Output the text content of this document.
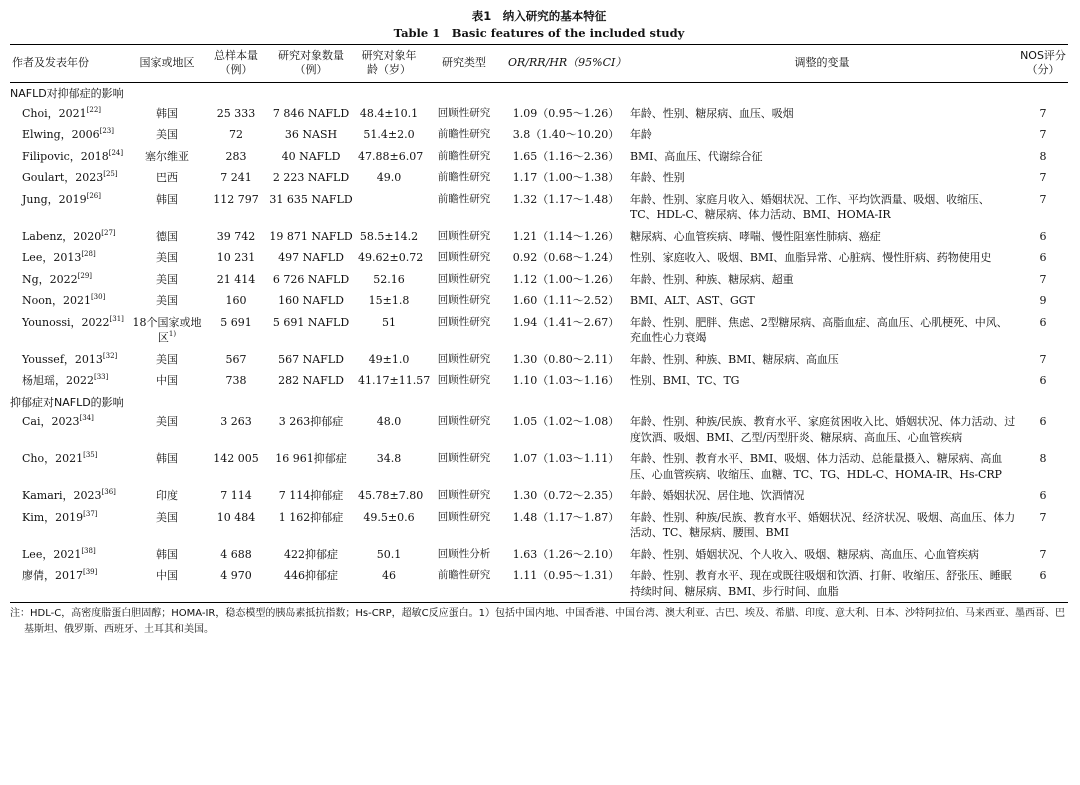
表1　纳入研究的基本特征
Table 1　Basic features of the included study
作者及发表年份	国家或地区	总样本量（例）	研究对象数量（例）	研究对象年龄（岁）	研究类型	OR/RR/HR（95%CI）	调整的变量	NOS评分（分）
NAFLD对抑郁症的影响								
Choi，2021[22]	韩国	25 333	7 846 NAFLD	48.4±10.1	回顾性研究	1.09（0.95～1.26）	年龄、性别、糖尿病、血压、吸烟	7
Elwing，2006[23]	美国	72	36 NASH	51.4±2.0	前瞻性研究	3.8（1.40～10.20）	年龄	7
Filipovic，2018[24]	塞尔维亚	283	40 NAFLD	47.88±6.07	前瞻性研究	1.65（1.16～2.36）	BMI、高血压、代谢综合征	8
Goulart，2023[25]	巴西	7 241	2 223 NAFLD	49.0	前瞻性研究	1.17（1.00～1.38）	年龄、性别	7
Jung，2019[26]	韩国	112 797	31 635 NAFLD		前瞻性研究	1.32（1.17～1.48）	年龄、性别、家庭月收入、婚姻状况、工作、平均饮酒量、吸烟、收缩压、TC、HDL-C、糖尿病、体力活动、BMI、HOMA-IR	7
Labenz，2020[27]	德国	39 742	19 871 NAFLD	58.5±14.2	回顾性研究	1.21（1.14～1.26）	糖尿病、心血管疾病、哮喘、慢性阻塞性肺病、癌症	6
Lee，2013[28]	美国	10 231	497 NAFLD	49.62±0.72	回顾性研究	0.92（0.68～1.24）	性别、家庭收入、吸烟、BMI、血脂异常、心脏病、慢性肝病、药物使用史	6
Ng，2022[29]	美国	21 414	6 726 NAFLD	52.16	回顾性研究	1.12（1.00～1.26）	年龄、性别、种族、糖尿病、超重	7
Noon，2021[30]	美国	160	160 NAFLD	15±1.8	回顾性研究	1.60（1.11～2.52）	BMI、ALT、AST、GGT	9
Younossi，2022[31]	18个国家或地区$^{1)}$	5 691	5 691 NAFLD	51	回顾性研究	1.94（1.41～2.67）	年龄、性别、肥胖、焦虑、2型糖尿病、高脂血症、高血压、心肌梗死、中风、充血性心力衰竭	6
Youssef，2013[32]	美国	567	567 NAFLD	49±1.0	回顾性研究	1.30（0.80～2.11）	年龄、性别、种族、BMI、糖尿病、高血压	7
杨旭瑶，2022[33]	中国	738	282 NAFLD	41.17±11.57	回顾性研究	1.10（1.03～1.16）	性别、BMI、TC、TG	6
抑郁症对NAFLD的影响								
Cai，2023[34]	美国	3 263	3 263抑郁症	48.0	回顾性研究	1.05（1.02～1.08）	年龄、性别、种族/民族、教育水平、家庭贫困收入比、婚姻状况、体力活动、过度饮酒、吸烟、BMI、乙型/丙型肝炎、糖尿病、高血压、心血管疾病	6
Cho，2021[35]	韩国	142 005	16 961抑郁症	34.8	回顾性研究	1.07（1.03～1.11）	年龄、性别、教育水平、BMI、吸烟、体力活动、总能量摄入、糖尿病、高血压、心血管疾病、收缩压、血糖、TC、TG、HDL-C、HOMA-IR、Hs-CRP	8
Kamari，2023[36]	印度	7 114	7 114抑郁症	45.78±7.80	回顾性研究	1.30（0.72～2.35）	年龄、婚姻状况、居住地、饮酒情况	6
Kim，2019[37]	美国	10 484	1 162抑郁症	49.5±0.6	回顾性研究	1.48（1.17～1.87）	年龄、性别、种族/民族、教育水平、婚姻状况、经济状况、吸烟、高血压、体力活动、TC、糖尿病、腰围、BMI	7
Lee，2021[38]	韩国	4 688	422抑郁症	50.1	回顾性分析	1.63（1.26～2.10）	年龄、性别、婚姻状况、个人收入、吸烟、糖尿病、高血压、心血管疾病	7
廖倩，2017[39]	中国	4 970	446抑郁症	46	前瞻性研究	1.11（0.95～1.31）	年龄、性别、教育水平、现在或既往吸烟和饮酒、打鼾、收缩压、舒张压、睡眠持续时间、糖尿病、BMI、步行时间、血脂	6
注：HDL-C，高密度脂蛋白胆固醇；HOMA-IR，稳态模型的胰岛素抵抗指数；Hs-CRP，超敏C反应蛋白。1）包括中国内地、中国香港、中国台湾、澳大利亚、古巴、埃及、希腊、印度、意大利、日本、沙特阿拉伯、马来西亚、墨西哥、巴基斯坦、俄罗斯、西班牙、土耳其和美国。
